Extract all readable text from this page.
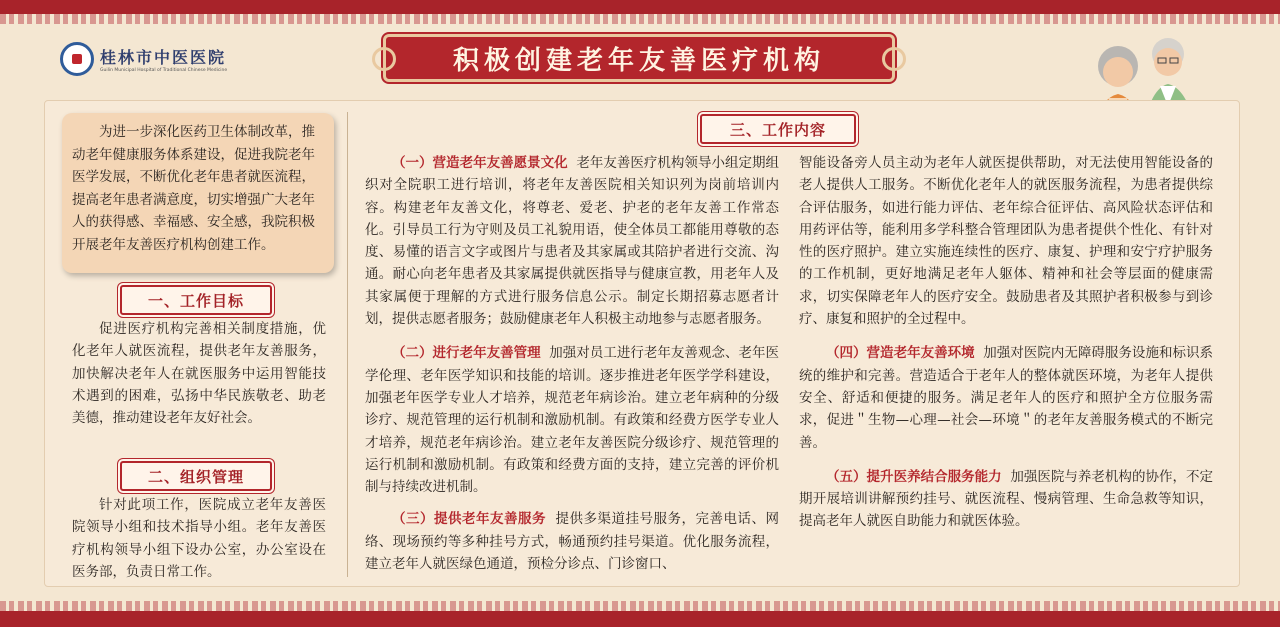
桂林市中医医院
Guilin Municipal Hospital of Traditional Chinese Medicine	积极创建老年友善医疗机构

为进一步深化医药卫生体制改革，推动老年健康服务体系建设，促进我院老年医学发展，不断优化老年患者就医流程，提高老年患者满意度，切实增强广大老年人的获得感、幸福感、安全感，我院积极开展老年友善医疗机构创建工作。

一、工作目标

促进医疗机构完善相关制度措施，优化老年人就医流程，提供老年友善服务，加快解决老年人在就医服务中运用智能技术遇到的困难，弘扬中华民族敬老、助老美德，推动建设老年友好社会。

二、组织管理

针对此项工作，医院成立老年友善医院领导小组和技术指导小组。老年友善医疗机构领导小组下设办公室，办公室设在医务部，负责日常工作。

三、工作内容

（一）营造老年友善愿景文化 老年友善医疗机构领导小组定期组织对全院职工进行培训，将老年友善医院相关知识列为岗前培训内容。构建老年友善文化，将尊老、爱老、护老的老年友善工作常态化。引导员工行为守则及员工礼貌用语，使全体员工都能用尊敬的态度、易懂的语言文字或图片与患者及其家属或其陪护者进行交流、沟通。耐心向老年患者及其家属提供就医指导与健康宣教，用老年人及其家属便于理解的方式进行服务信息公示。制定长期招募志愿者计划，提供志愿者服务；鼓励健康老年人积极主动地参与志愿者服务。

（二）进行老年友善管理 加强对员工进行老年友善观念、老年医学伦理、老年医学知识和技能的培训。逐步推进老年医学学科建设，加强老年医学专业人才培养，规范老年病诊治。建立老年病种的分级诊疗、规范管理的运行机制和激励机制。有政策和经费方医学专业人才培养，规范老年病诊治。建立老年友善医院分级诊疗、规范管理的运行机制和激励机制。有政策和经费方面的支持，建立完善的评价机制与持续改进机制。

（三）提供老年友善服务 提供多渠道挂号服务，完善电话、网络、现场预约等多种挂号方式，畅通预约挂号渠道。优化服务流程，建立老年人就医绿色通道，预检分诊点、门诊窗口、

智能设备旁人员主动为老年人就医提供帮助，对无法使用智能设备的老人提供人工服务。不断优化老年人的就医服务流程，为患者提供综合评估服务，如进行能力评估、老年综合征评估、高风险状态评估和用药评估等，能利用多学科整合管理团队为患者提供个性化、有针对性的医疗照护。建立实施连续性的医疗、康复、护理和安宁疗护服务的工作机制，更好地满足老年人躯体、精神和社会等层面的健康需求，切实保障老年人的医疗安全。鼓励患者及其照护者积极参与到诊疗、康复和照护的全过程中。

（四）营造老年友善环境 加强对医院内无障碍服务设施和标识系统的维护和完善。营造适合于老年人的整体就医环境，为老年人提供安全、舒适和便捷的服务。满足老年人的医疗和照护全方位服务需求，促进＂生物—心理—社会—环境＂的老年友善服务模式的不断完善。

（五）提升医养结合服务能力 加强医院与养老机构的协作，不定期开展培训讲解预约挂号、就医流程、慢病管理、生命急救等知识，提高老年人就医自助能力和就医体验。
